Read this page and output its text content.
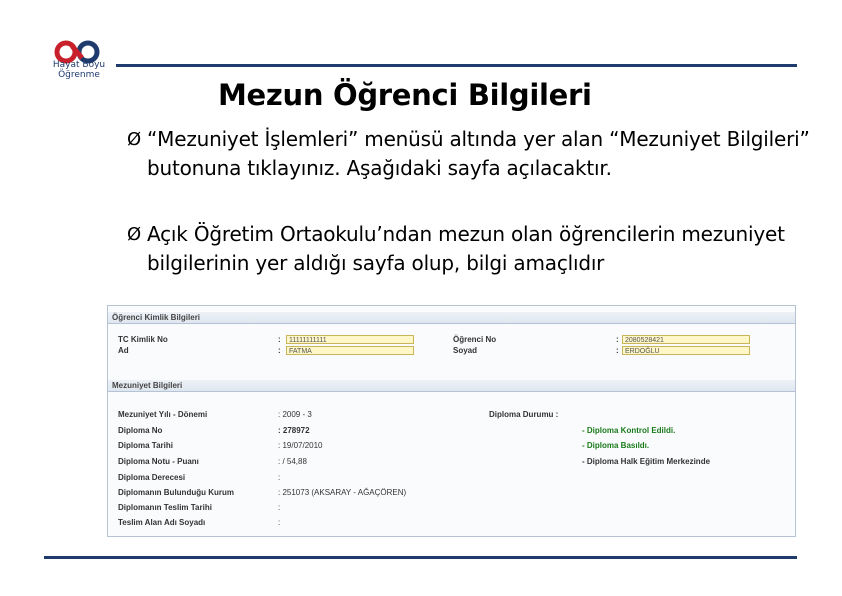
Hayat Boyu
Öğrenme
Mezun Öğrenci Bilgileri
Ø “Mezuniyet İşlemleri” menüsü altında yer alan “Mezuniyet Bilgileri” butonuna tıklayınız. Aşağıdaki sayfa açılacaktır.
Ø Açık Öğretim Ortaokulu’ndan mezun olan öğrencilerin mezuniyet bilgilerinin yer aldığı sayfa olup, bilgi amaçlıdır
Öğrenci Kimlik Bilgileri
TC Kimlik No	:	11111111111
Ad	:	FATMA
Öğrenci No	: 2080528421
Soyad	: ERDOĞLU
Mezuniyet Bilgileri
Mezuniyet Yılı - Dönemi	: 2009 - 3
Diploma No	: 278972
Diploma Tarihi	: 19/07/2010
Diploma Notu - Puanı	: / 54,88
Diploma Derecesi	:
Diplomanın Bulunduğu Kurum	: 251073 (AKSARAY - AĞAÇÖREN)
Diplomanın Teslim Tarihi	:
Teslim Alan Adı Soyadı	:
Diploma Durumu :
- Diploma Kontrol Edildi.
- Diploma Basıldı.
- Diploma Halk Eğitim Merkezinde
